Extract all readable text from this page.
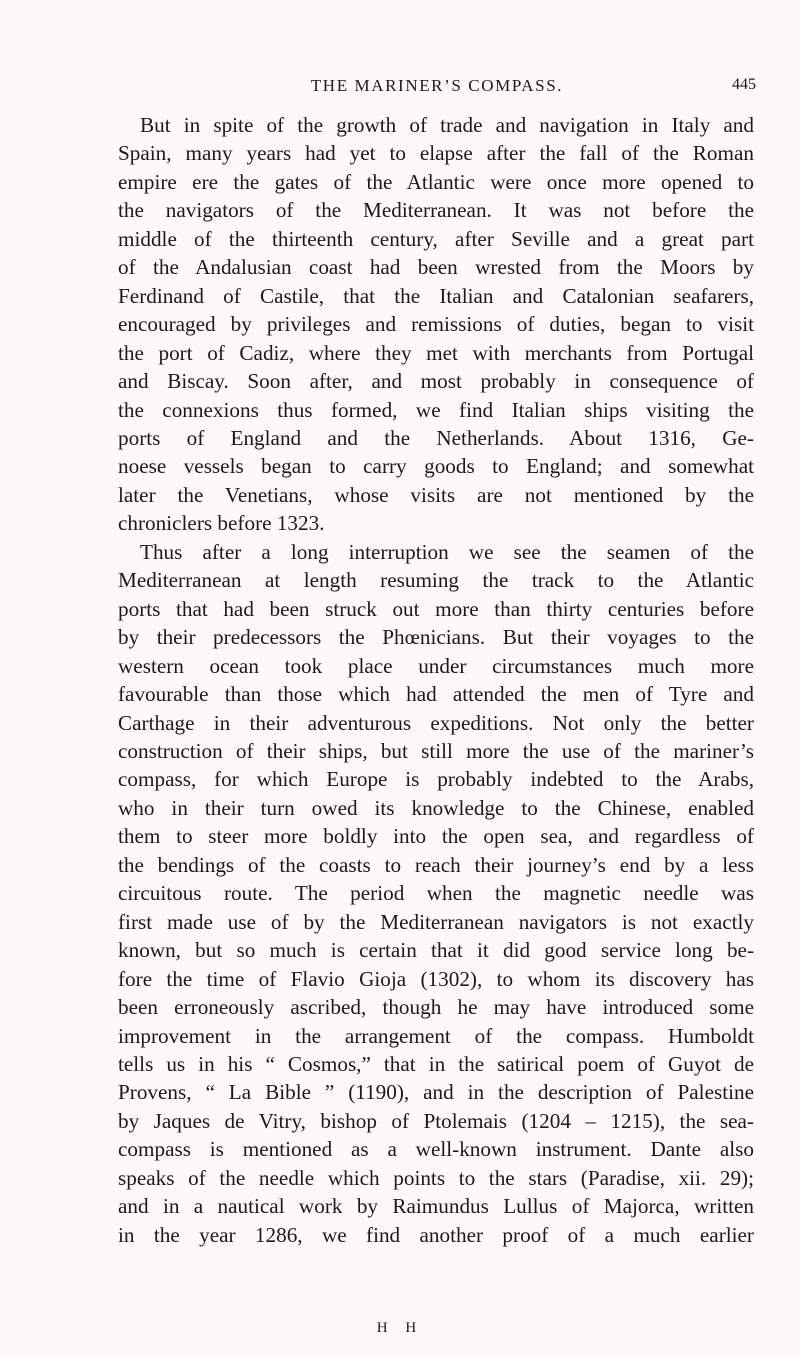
THE MARINER’S COMPASS.	445
But in spite of the growth of trade and navigation in Italy and
Spain, many years had yet to elapse after the fall of the Roman
empire ere the gates of the Atlantic were once more opened to
the navigators of the Mediterranean. It was not before the
middle of the thirteenth century, after Seville and a great part
of the Andalusian coast had been wrested from the Moors by
Ferdinand of Castile, that the Italian and Catalonian seafarers,
encouraged by privileges and remissions of duties, began to visit
the port of Cadiz, where they met with merchants from Portugal
and Biscay. Soon after, and most probably in consequence of
the connexions thus formed, we find Italian ships visiting the
ports of England and the Netherlands. About 1316, Ge-
noese vessels began to carry goods to England; and somewhat
later the Venetians, whose visits are not mentioned by the
chroniclers before 1323.
Thus after a long interruption we see the seamen of the
Mediterranean at length resuming the track to the Atlantic
ports that had been struck out more than thirty centuries before
by their predecessors the Phœnicians. But their voyages to the
western ocean took place under circumstances much more
favourable than those which had attended the men of Tyre and
Carthage in their adventurous expeditions. Not only the better
construction of their ships, but still more the use of the mariner’s
compass, for which Europe is probably indebted to the Arabs,
who in their turn owed its knowledge to the Chinese, enabled
them to steer more boldly into the open sea, and regardless of
the bendings of the coasts to reach their journey’s end by a less
circuitous route. The period when the magnetic needle was
first made use of by the Mediterranean navigators is not exactly
known, but so much is certain that it did good service long be-
fore the time of Flavio Gioja (1302), to whom its discovery has
been erroneously ascribed, though he may have introduced some
improvement in the arrangement of the compass. Humboldt
tells us in his “ Cosmos,” that in the satirical poem of Guyot de
Provens, “ La Bible ” (1190), and in the description of Palestine
by Jaques de Vitry, bishop of Ptolemais (1204 – 1215), the sea-
compass is mentioned as a well-known instrument. Dante also
speaks of the needle which points to the stars (Paradise, xii. 29);
and in a nautical work by Raimundus Lullus of Majorca, written
in the year 1286, we find another proof of a much earlier
H H
